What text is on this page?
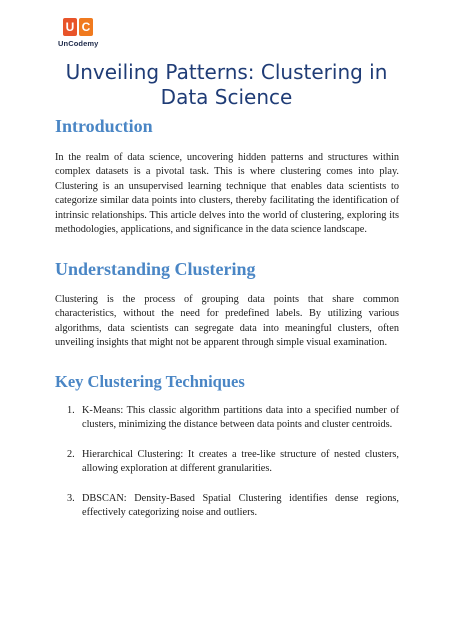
U C
UnCodemy
Unveiling Patterns: Clustering in Data Science
Introduction

In the realm of data science, uncovering hidden patterns and structures within complex datasets is a pivotal task. This is where clustering comes into play. Clustering is an unsupervised learning technique that enables data scientists to categorize similar data points into clusters, thereby facilitating the identification of intrinsic relationships. This article delves into the world of clustering, exploring its methodologies, applications, and significance in the data science landscape.

Understanding Clustering

Clustering is the process of grouping data points that share common characteristics, without the need for predefined labels. By utilizing various algorithms, data scientists can segregate data into meaningful clusters, often unveiling insights that might not be apparent through simple visual examination.

Key Clustering Techniques
1. K-Means: This classic algorithm partitions data into a specified number of clusters, minimizing the distance between data points and cluster centroids.
2. Hierarchical Clustering: It creates a tree-like structure of nested clusters, allowing exploration at different granularities.
3. DBSCAN: Density-Based Spatial Clustering identifies dense regions, effectively categorizing noise and outliers.
